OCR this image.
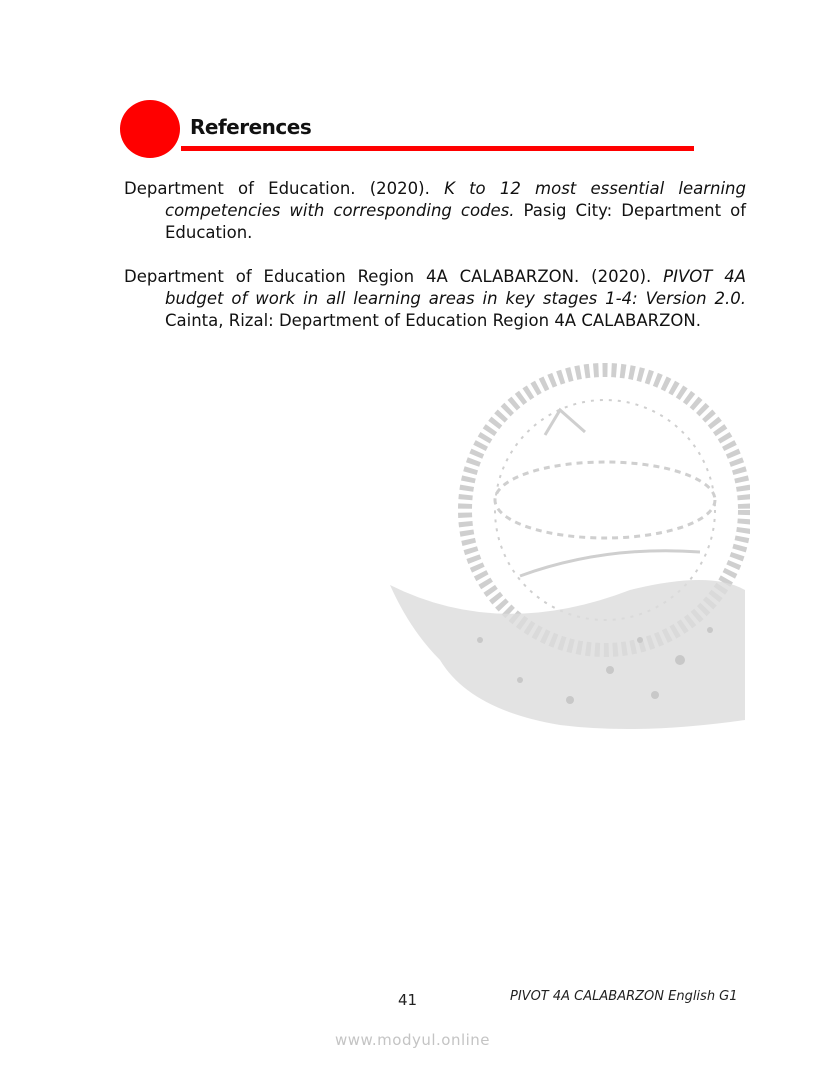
References

Department of Education. (2020). K to 12 most essential learning competencies with corresponding codes. Pasig City: Department of Education.

Department of Education Region 4A CALABARZON. (2020). PIVOT 4A budget of work in all learning areas in key stages 1-4: Version 2.0. Cainta, Rizal: Department of Education Region 4A CALABARZON.

41	PIVOT 4A CALABARZON English G1
www.modyul.online
